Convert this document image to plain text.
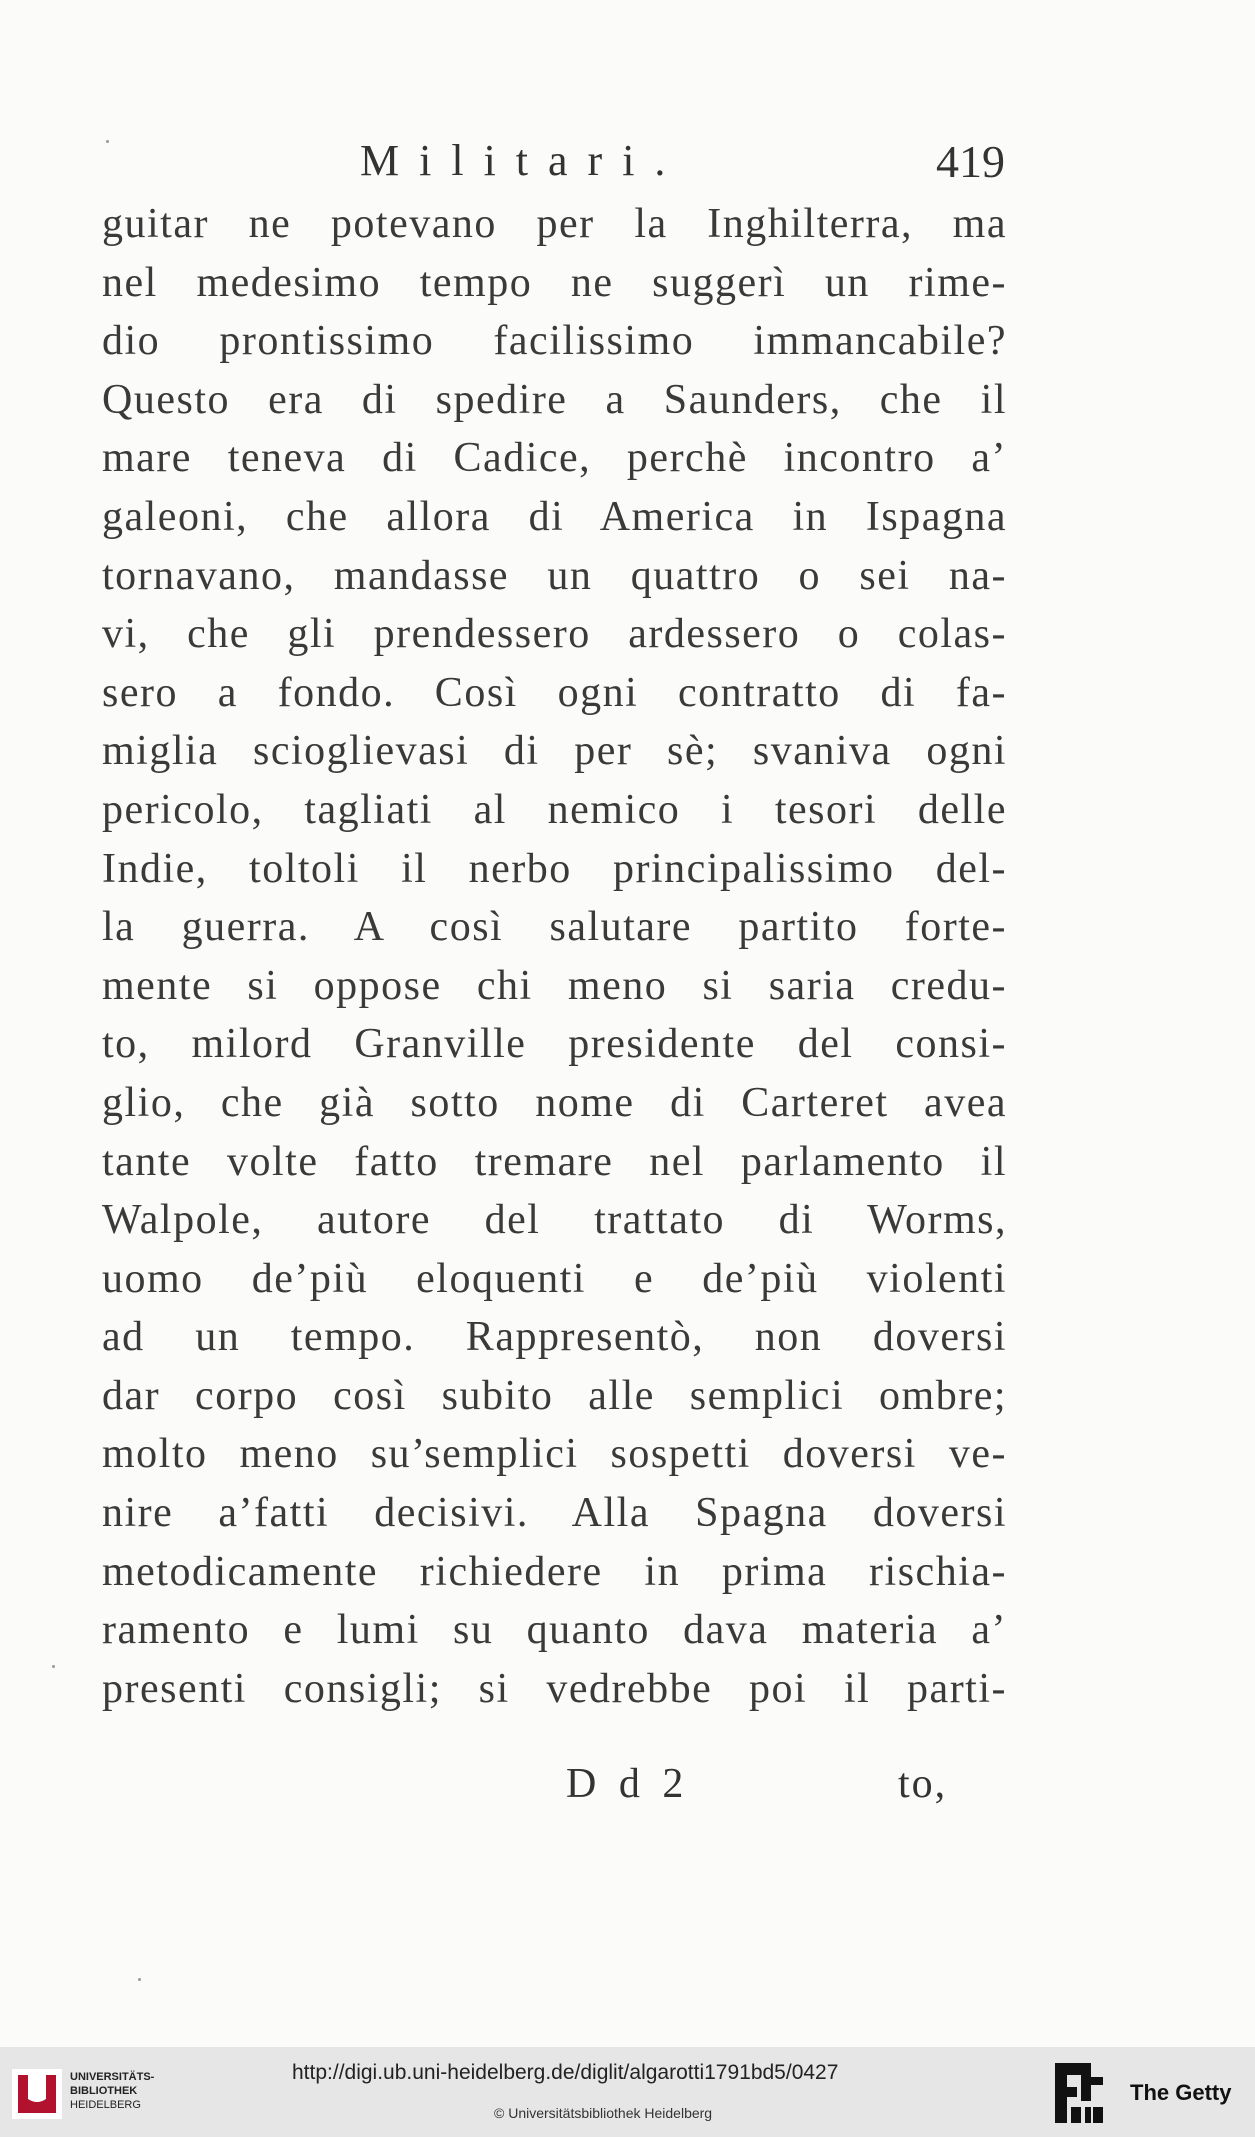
Militari.	419
guitar ne potevano per la Inghilterra, ma
nel medesimo tempo ne suggerì un rime-
dio prontissimo facilissimo immancabile?
Questo era di spedire a Saunders, che il
mare teneva di Cadice, perchè incontro a’
galeoni, che allora di America in Ispagna
tornavano, mandasse un quattro o sei na-
vi, che gli prendessero ardessero o colas-
sero a fondo. Così ogni contratto di fa-
miglia scioglievasi di per sè; svaniva ogni
pericolo, tagliati al nemico i tesori delle
Indie, toltoli il nerbo principalissimo del-
la guerra. A così salutare partito forte-
mente si oppose chi meno si saria credu-
to, milord Granville presidente del consi-
glio, che già sotto nome di Carteret avea
tante volte fatto tremare nel parlamento il
Walpole, autore del trattato di Worms,
uomo de’più eloquenti e de’più violenti
ad un tempo. Rappresentò, non doversi
dar corpo così subito alle semplici ombre;
molto meno su’semplici sospetti doversi ve-
nire a’fatti decisivi. Alla Spagna doversi
metodicamente richiedere in prima rischia-
ramento e lumi su quanto dava materia a’
presenti consigli; si vedrebbe poi il parti-
D d 2	to,
UNIVERSITÄTS-
BIBLIOTHEK
HEIDELBERG
http://digi.ub.uni-heidelberg.de/diglit/algarotti1791bd5/0427
© Universitätsbibliothek Heidelberg
The Getty
